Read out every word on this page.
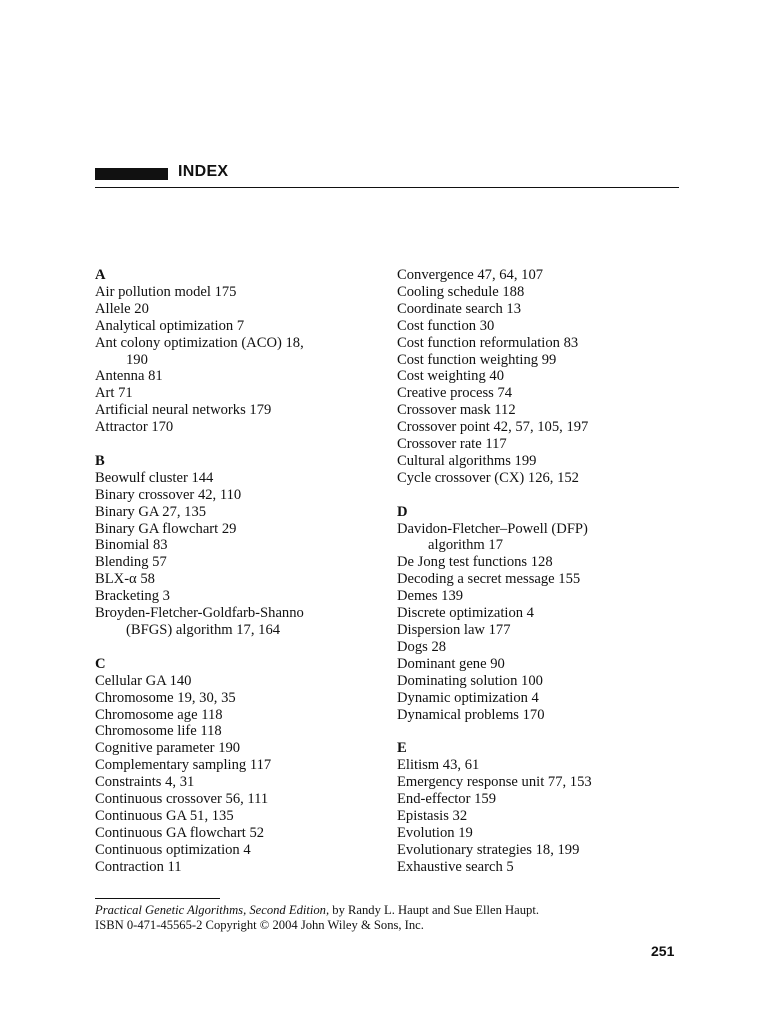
INDEX
A
Air pollution model 175
Allele 20
Analytical optimization 7
Ant colony optimization (ACO) 18,
190
Antenna 81
Art 71
Artificial neural networks 179
Attractor 170
B
Beowulf cluster 144
Binary crossover 42, 110
Binary GA 27, 135
Binary GA flowchart 29
Binomial 83
Blending 57
BLX-α 58
Bracketing 3
Broyden-Fletcher-Goldfarb-Shanno
(BFGS) algorithm 17, 164
C
Cellular GA 140
Chromosome 19, 30, 35
Chromosome age 118
Chromosome life 118
Cognitive parameter 190
Complementary sampling 117
Constraints 4, 31
Continuous crossover 56, 111
Continuous GA 51, 135
Continuous GA flowchart 52
Continuous optimization 4
Contraction 11
Convergence 47, 64, 107
Cooling schedule 188
Coordinate search 13
Cost function 30
Cost function reformulation 83
Cost function weighting 99
Cost weighting 40
Creative process 74
Crossover mask 112
Crossover point 42, 57, 105, 197
Crossover rate 117
Cultural algorithms 199
Cycle crossover (CX) 126, 152
D
Davidon-Fletcher–Powell (DFP)
algorithm 17
De Jong test functions 128
Decoding a secret message 155
Demes 139
Discrete optimization 4
Dispersion law 177
Dogs 28
Dominant gene 90
Dominating solution 100
Dynamic optimization 4
Dynamical problems 170
E
Elitism 43, 61
Emergency response unit 77, 153
End-effector 159
Epistasis 32
Evolution 19
Evolutionary strategies 18, 199
Exhaustive search 5
Practical Genetic Algorithms, Second Edition, by Randy L. Haupt and Sue Ellen Haupt.
ISBN 0-471-45565-2 Copyright © 2004 John Wiley & Sons, Inc.
251
